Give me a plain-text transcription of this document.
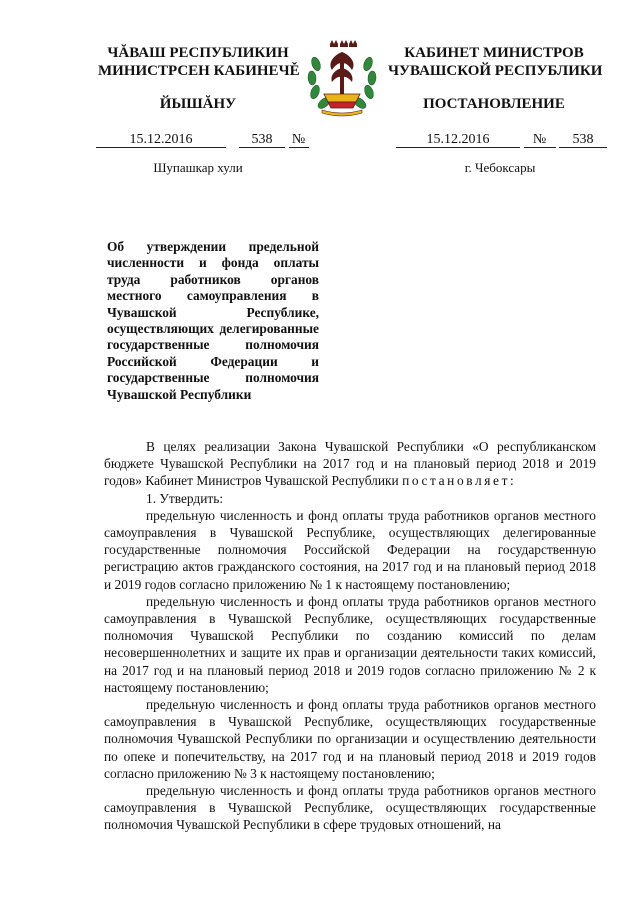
ЧĂВАШ РЕСПУБЛИКИН
МИНИСТРСЕН КАБИНЕЧĚ
ЙЫШĂНУ
КАБИНЕТ МИНИСТРОВ
ЧУВАШСКОЙ РЕСПУБЛИКИ
ПОСТАНОВЛЕНИЕ
15.12.2016	538 №	15.12.2016	№ 538
Шупашкар хули	г. Чебоксары
Об утверждении предельной численности и фонда оплаты труда работников органов местного самоуправления в Чувашской Республике, осуществляющих делегированные государственные полномочия Российской Федерации и государственные полномочия Чувашской Республики

В целях реализации Закона Чувашской Республики «О республиканском бюджете Чувашской Республики на 2017 год и на плановый период 2018 и 2019 годов» Кабинет Министров Чувашской Республики постановляет:

1. Утвердить:

предельную численность и фонд оплаты труда работников органов местного самоуправления в Чувашской Республике, осуществляющих делегированные государственные полномочия Российской Федерации на государственную регистрацию актов гражданского состояния, на 2017 год и на плановый период 2018 и 2019 годов согласно приложению № 1 к настоящему постановлению;

предельную численность и фонд оплаты труда работников органов местного самоуправления в Чувашской Республике, осуществляющих государственные полномочия Чувашской Республики по созданию комиссий по делам несовершеннолетних и защите их прав и организации деятельности таких комиссий, на 2017 год и на плановый период 2018 и 2019 годов согласно приложению № 2 к настоящему постановлению;

предельную численность и фонд оплаты труда работников органов местного самоуправления в Чувашской Республике, осуществляющих государственные полномочия Чувашской Республики по организации и осуществлению деятельности по опеке и попечительству, на 2017 год и на плановый период 2018 и 2019 годов согласно приложению № 3 к настоящему постановлению;

предельную численность и фонд оплаты труда работников органов местного самоуправления в Чувашской Республике, осуществляющих государственные полномочия Чувашской Республики в сфере трудовых отношений, на
